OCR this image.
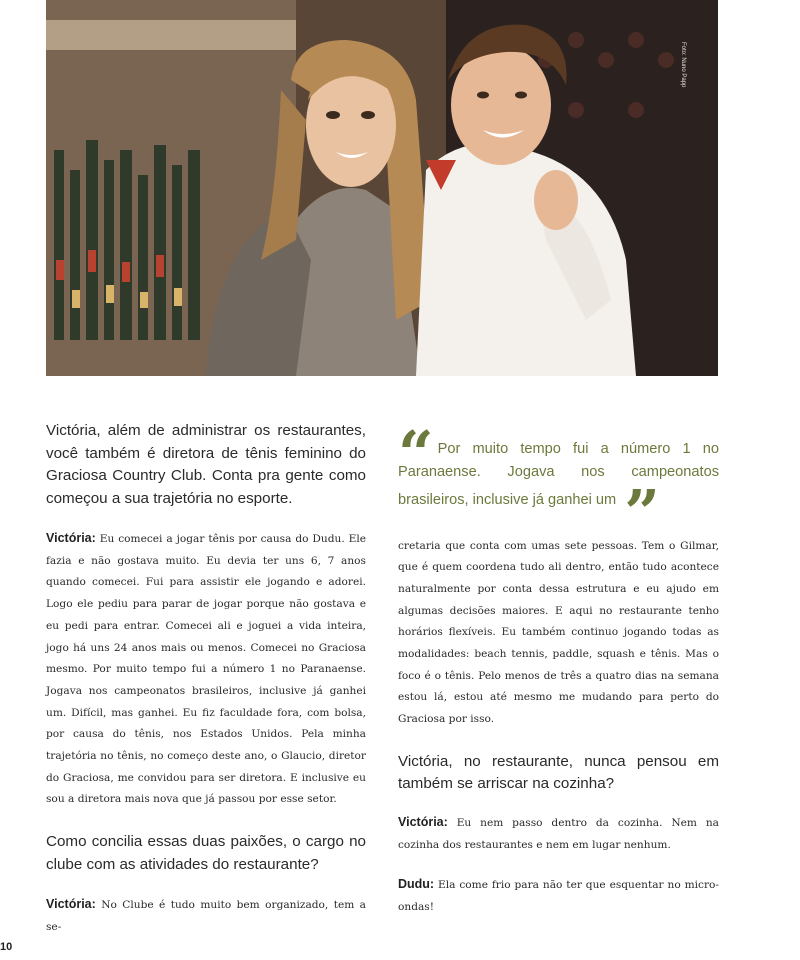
Foto: Nuno Papp

Victória, além de administrar os restaurantes, você também é diretora de tênis feminino do Graciosa Country Club. Conta pra gente como começou a sua trajetória no esporte.

Victória: Eu comecei a jogar tênis por causa do Dudu. Ele fazia e não gostava muito. Eu devia ter uns 6, 7 anos quando comecei. Fui para assistir ele jogando e adorei. Logo ele pediu para parar de jogar porque não gostava e eu pedi para entrar. Comecei ali e joguei a vida inteira, jogo há uns 24 anos mais ou menos. Comecei no Graciosa mesmo. Por muito tempo fui a número 1 no Paranaense. Jogava nos campeonatos brasileiros, inclusive já ganhei um. Difícil, mas ganhei. Eu fiz faculdade fora, com bolsa, por causa do tênis, nos Estados Unidos. Pela minha trajetória no tênis, no começo deste ano, o Glaucio, diretor do Graciosa, me convidou para ser diretora. E inclusive eu sou a diretora mais nova que já passou por esse setor.

Como concilia essas duas paixões, o cargo no clube com as atividades do restaurante?

Victória: No Clube é tudo muito bem organizado, tem a se-

“ Por muito tempo fui a número 1 no Paranaense. Jogava nos campeonatos brasileiros, inclusive já ganhei um ”

cretaria que conta com umas sete pessoas. Tem o Gilmar, que é quem coordena tudo ali dentro, então tudo acontece naturalmente por conta dessa estrutura e eu ajudo em algumas decisões maiores. E aqui no restaurante tenho horários flexíveis. Eu também continuo jogando todas as modalidades: beach tennis, paddle, squash e tênis. Mas o foco é o tênis. Pelo menos de três a quatro dias na semana estou lá, estou até mesmo me mudando para perto do Graciosa por isso.

Victória, no restaurante, nunca pensou em também se arriscar na cozinha?

Victória: Eu nem passo dentro da cozinha. Nem na cozinha dos restaurantes e nem em lugar nenhum.

Dudu: Ela come frio para não ter que esquentar no micro-ondas!

10
